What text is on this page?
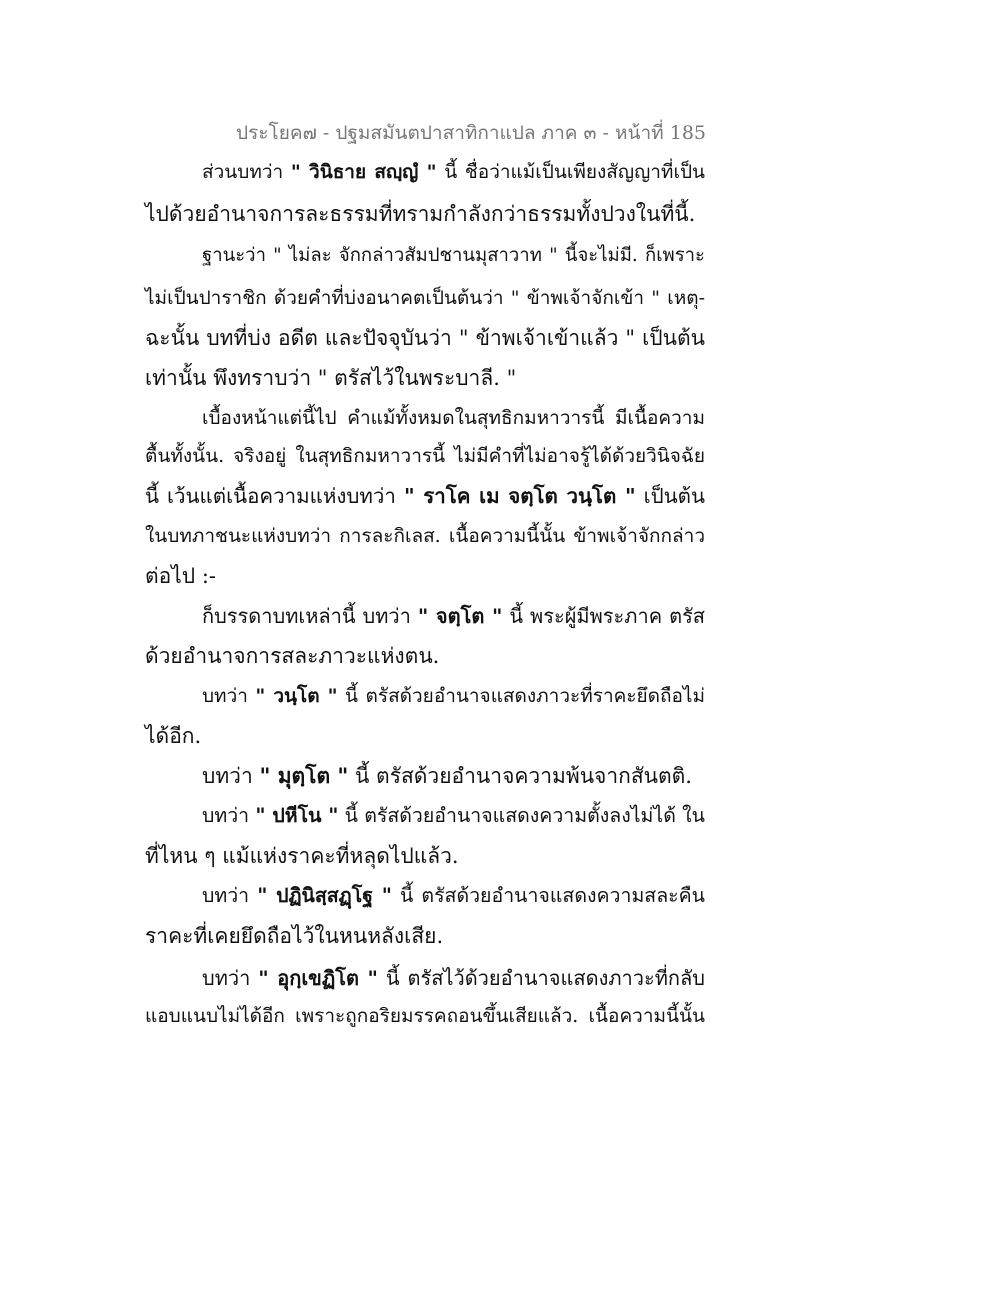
ประโยค๗ - ปฐมสมันตปาสาทิกาแปล ภาค ๓ - หน้าที่ 185
ส่วนบทว่า " วินิธาย สญฺญํ " นี้ ชื่อว่าแม้เป็นเพียงสัญญาที่เป็น
ไปด้วยอำนาจการละธรรมที่ทรามกำลังกว่าธรรมทั้งปวงในที่นี้.
ฐานะว่า " ไม่ละ จักกล่าวสัมปชานมุสาวาท " นี้จะไม่มี. ก็เพราะ
ไม่เป็นปาราชิก ด้วยคำที่บ่งอนาคตเป็นต้นว่า " ข้าพเจ้าจักเข้า " เหตุ-
ฉะนั้น บทที่บ่ง อดีต และปัจจุบันว่า " ข้าพเจ้าเข้าแล้ว " เป็นต้น
เท่านั้น พึงทราบว่า " ตรัสไว้ในพระบาลี. "
เบื้องหน้าแต่นี้ไป คำแม้ทั้งหมดในสุทธิกมหาวารนี้ มีเนื้อความ
ตื้นทั้งนั้น. จริงอยู่ ในสุทธิกมหาวารนี้ ไม่มีคำที่ไม่อาจรู้ได้ด้วยวินิจฉัย
นี้ เว้นแต่เนื้อความแห่งบทว่า " ราโค เม จตฺโต วนฺโต " เป็นต้น
ในบทภาชนะแห่งบทว่า การละกิเลส. เนื้อความนี้นั้น ข้าพเจ้าจักกล่าว
ต่อไป :-
ก็บรรดาบทเหล่านี้ บทว่า " จตฺโต " นี้ พระผู้มีพระภาค ตรัส
ด้วยอำนาจการสละภาวะแห่งตน.
บทว่า " วนฺโต " นี้ ตรัสด้วยอำนาจแสดงภาวะที่ราคะยึดถือไม่
ได้อีก.
บทว่า " มุตฺโต " นี้ ตรัสด้วยอำนาจความพ้นจากสันตติ.
บทว่า " ปหีโน " นี้ ตรัสด้วยอำนาจแสดงความตั้งลงไม่ได้ ใน
ที่ไหน ๆ แม้แห่งราคะที่หลุดไปแล้ว.
บทว่า " ปฏินิสฺสฏฺโฐ " นี้ ตรัสด้วยอำนาจแสดงความสละคืน
ราคะที่เคยยึดถือไว้ในหนหลังเสีย.
บทว่า " อุกฺเขฏิโต " นี้ ตรัสไว้ด้วยอำนาจแสดงภาวะที่กลับ
แอบแนบไม่ได้อีก เพราะถูกอริยมรรคถอนขึ้นเสียแล้ว. เนื้อความนี้นั้น
